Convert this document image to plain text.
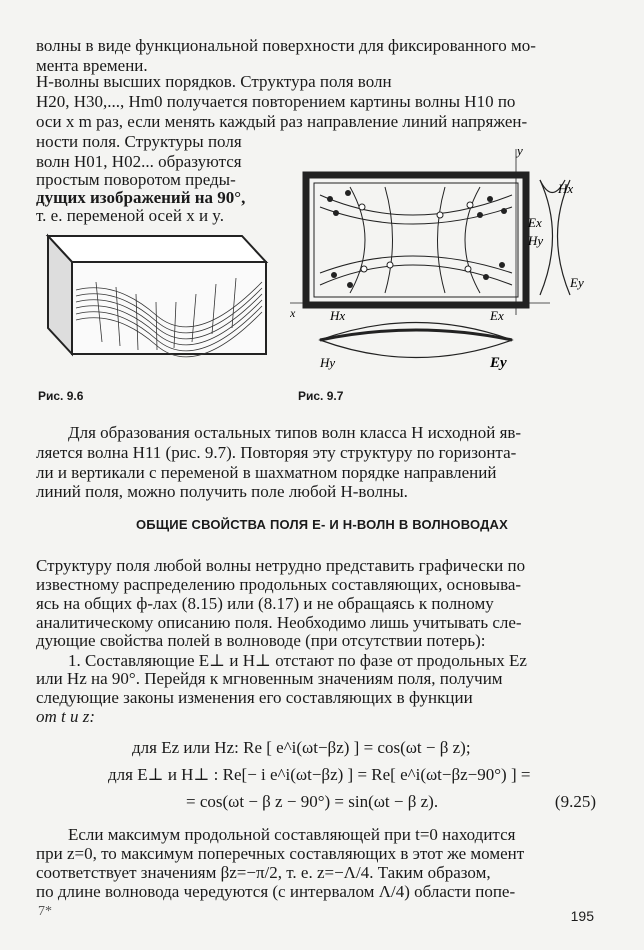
волны в виде функциональной поверхности для фиксированного мо-
мента времени.
H-волны высших порядков. Структура поля волн
H20, H30,..., Hm0 получается повторением картины волны H10 по
оси x m раз, если менять каждый раз направление линий напряжен-
ности поля. Структуры поля
волн H01, H02... образуются
простым поворотом преды-
дущих изображений на 90°,
т. е. переменой осей x и y.
y
Hx
Ex
Hy
Ey
Hx	Ex
Hy	Ey
x
Рис. 9.6	Рис. 9.7
Для образования остальных типов волн класса H исходной яв-
ляется волна H11 (рис. 9.7). Повторяя эту структуру по горизонта-
ли и вертикали с переменой в шахматном порядке направлений
линий поля, можно получить поле любой H-волны.
ОБЩИЕ СВОЙСТВА ПОЛЯ E- И H-ВОЛН В ВОЛНОВОДАХ
Структуру поля любой волны нетрудно представить графически по
известному распределению продольных составляющих, основыва-
ясь на общих ф-лах (8.15) или (8.17) и не обращаясь к полному
аналитическому описанию поля. Необходимо лишь учитывать сле-
дующие свойства полей в волноводе (при отсутствии потерь):
1. Составляющие E⊥ и H⊥ отстают по фазе от продольных Ez
или Hz на 90°. Перейдя к мгновенным значениям поля, получим
следующие законы изменения его составляющих в функции
от t и z:
для Ez или Hz: Re [ e^i(ωt−βz) ] = cos(ωt − β z);
для E⊥ и H⊥ : Re[− i e^i(ωt−βz) ] = Re[ e^i(ωt−βz−90°) ] =
= cos(ωt − β z − 90°) = sin(ωt − β z).	(9.25)
Если максимум продольной составляющей при t=0 находится
при z=0, то максимум поперечных составляющих в этот же момент
соответствует значениям βz=−π/2, т. е. z=−Λ/4. Таким образом,
по длине волновода чередуются (с интервалом Λ/4) области попе-
7*	195
